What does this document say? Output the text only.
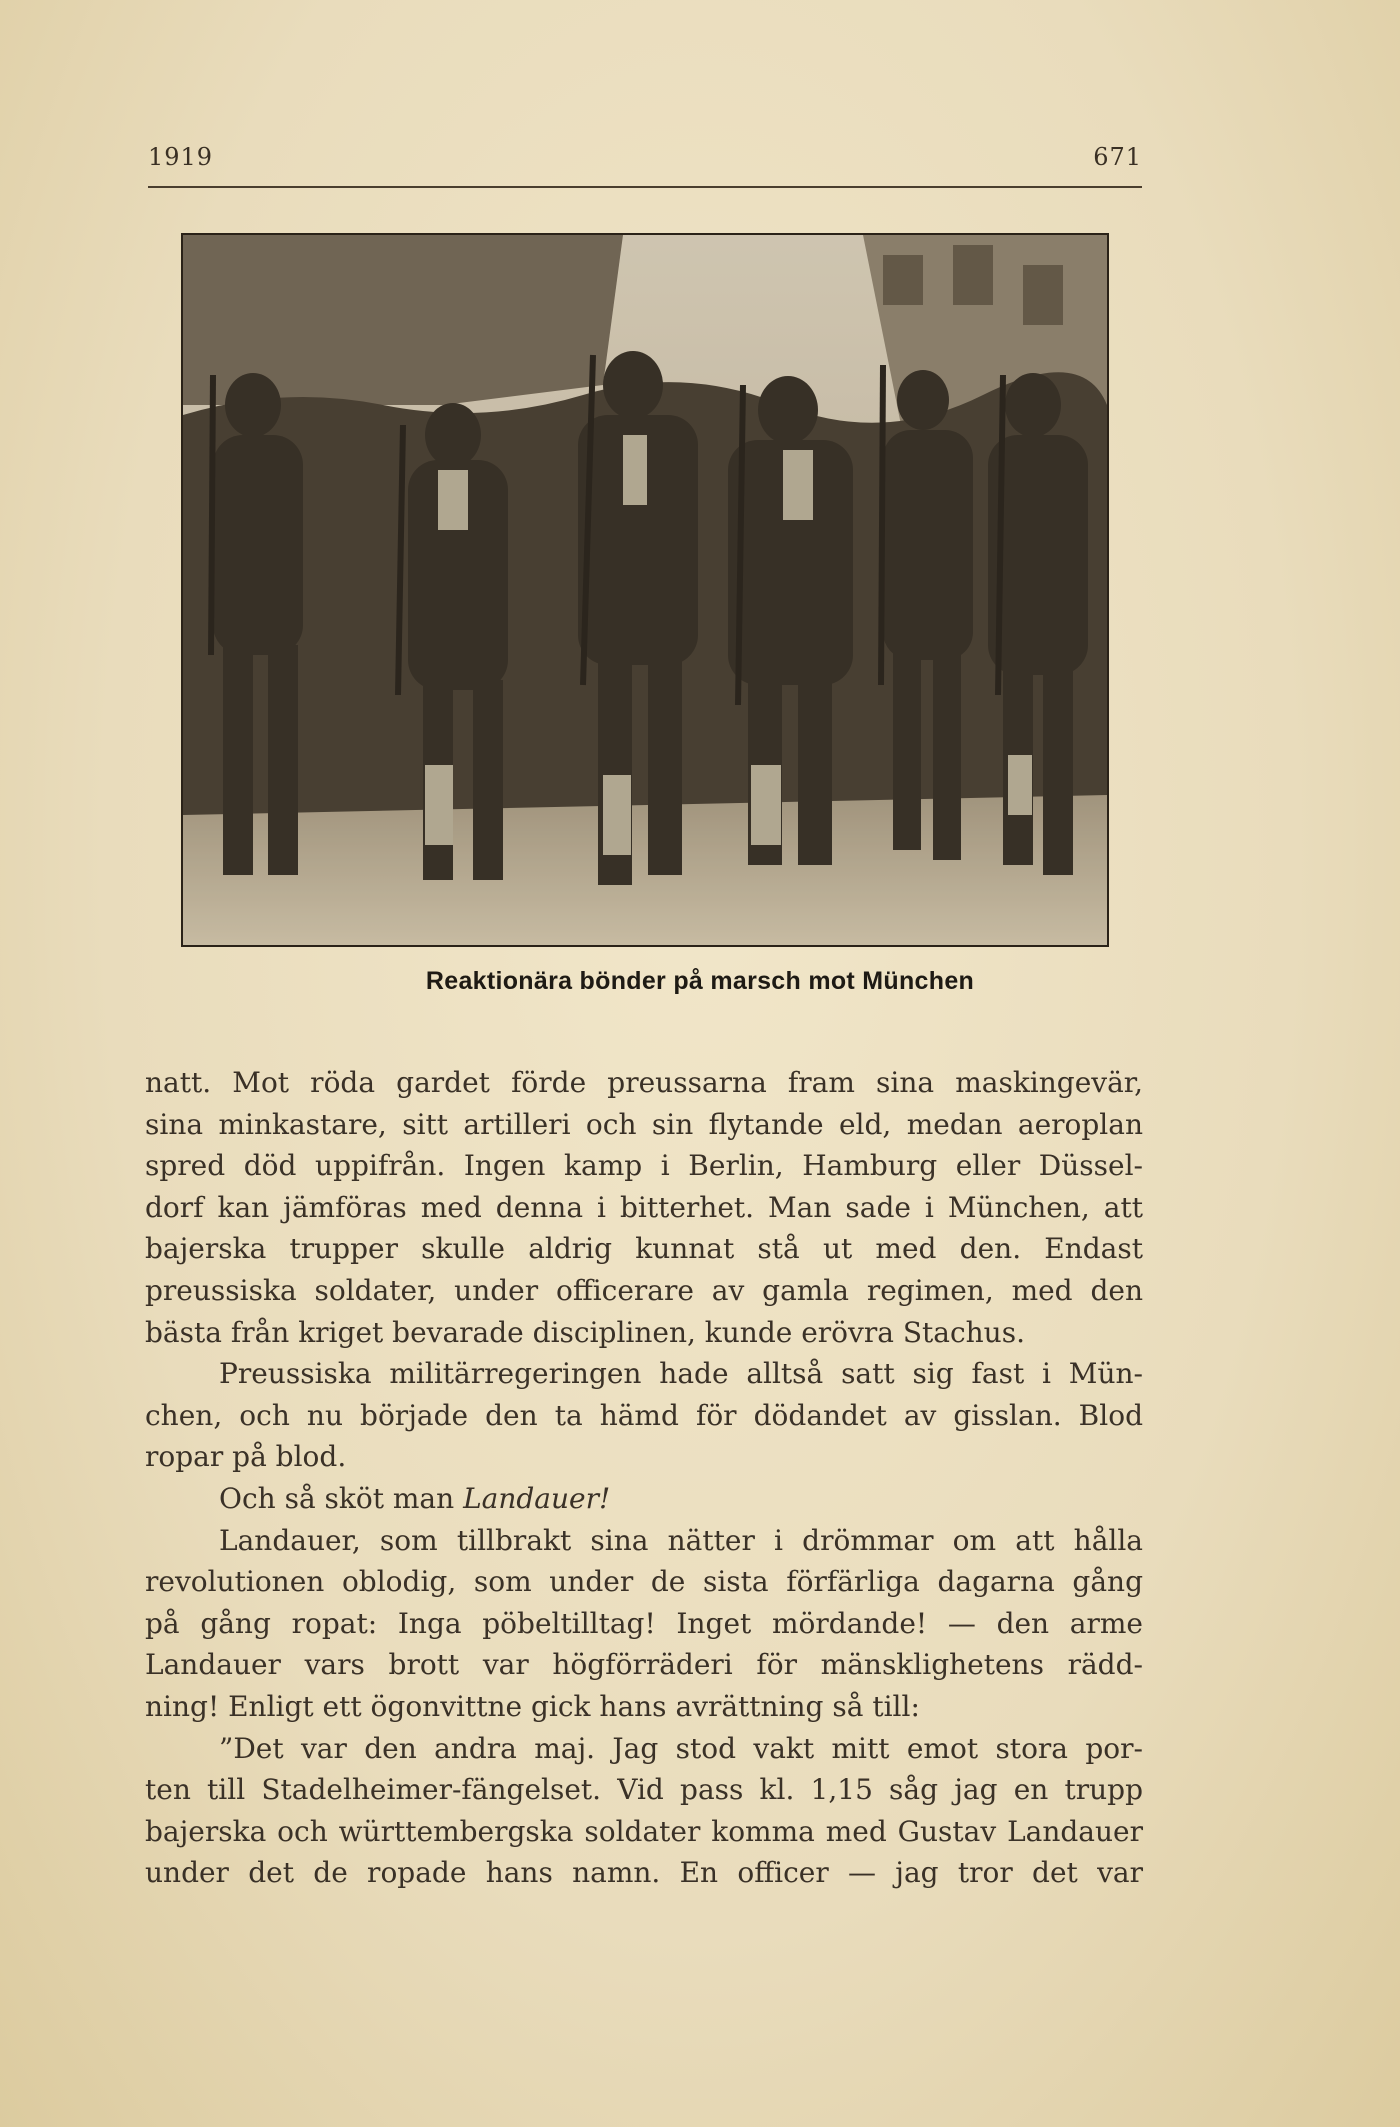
1919	671
Reaktionära bönder på marsch mot München
natt. Mot röda gardet förde preussarna fram sina maskingevär,
sina minkastare, sitt artilleri och sin flytande eld, medan aeroplan
spred död uppifrån. Ingen kamp i Berlin, Hamburg eller Düssel-
dorf kan jämföras med denna i bitterhet. Man sade i München, att
bajerska trupper skulle aldrig kunnat stå ut med den. Endast
preussiska soldater, under officerare av gamla regimen, med den
bästa från kriget bevarade disciplinen, kunde erövra Stachus.
Preussiska militärregeringen hade alltså satt sig fast i Mün-
chen, och nu började den ta hämd för dödandet av gisslan. Blod
ropar på blod.
Och så sköt man Landauer!
Landauer, som tillbrakt sina nätter i drömmar om att hålla
revolutionen oblodig, som under de sista förfärliga dagarna gång
på gång ropat: Inga pöbeltilltag! Inget mördande! — den arme
Landauer vars brott var högförräderi för mänsklighetens rädd-
ning! Enligt ett ögonvittne gick hans avrättning så till:
”Det var den andra maj. Jag stod vakt mitt emot stora por-
ten till Stadelheimer-fängelset. Vid pass kl. 1,15 såg jag en trupp
bajerska och württembergska soldater komma med Gustav Landauer
under det de ropade hans namn. En officer — jag tror det var
